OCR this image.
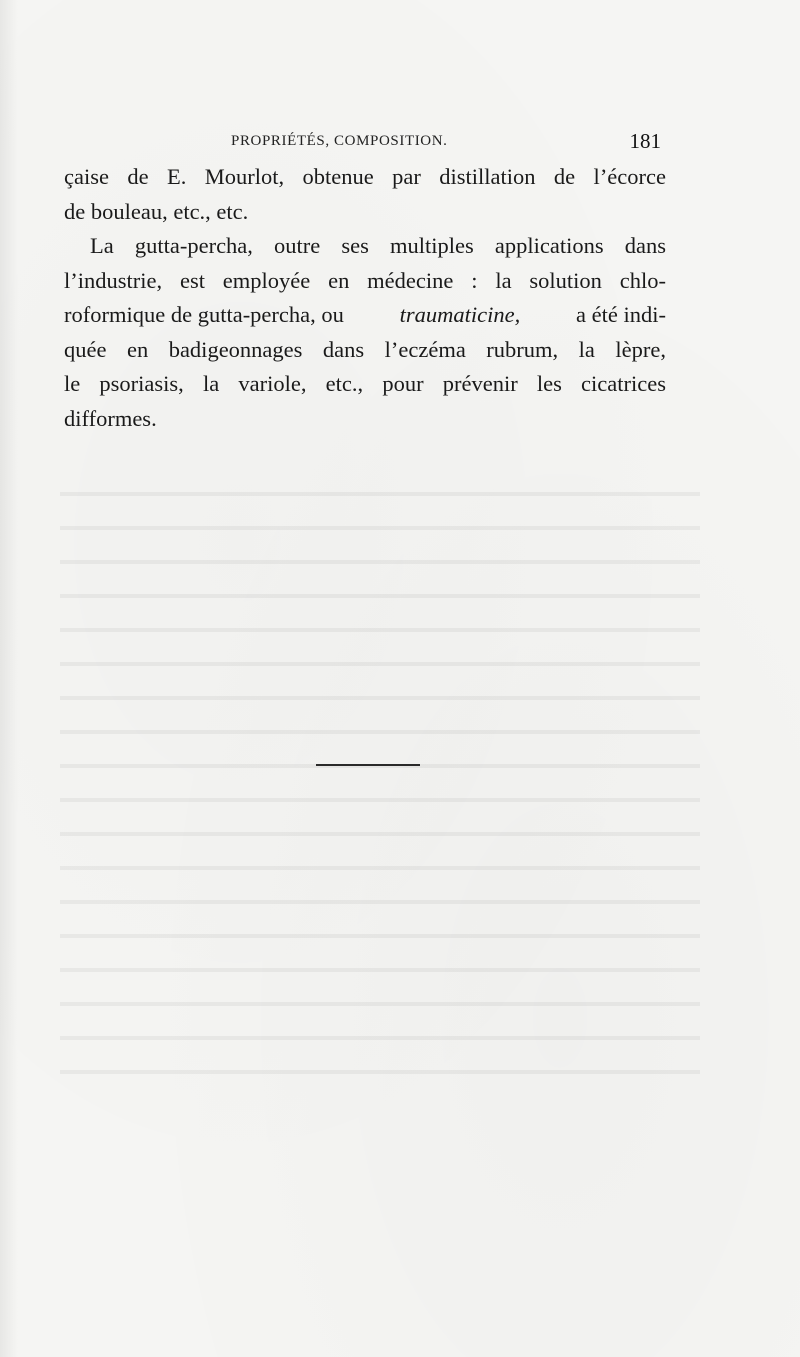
PROPRIÉTÉS, COMPOSITION.	181
çaise de E. Mourlot, obtenue par distillation de l’écorce
de bouleau, etc., etc.
La gutta-percha, outre ses multiples applications dans
l’industrie, est employée en médecine : la solution chlo-
roformique de gutta-percha, ou traumaticine, a été indi-
quée en badigeonnages dans l’eczéma rubrum, la lèpre,
le psoriasis, la variole, etc., pour prévenir les cicatrices
difformes.
